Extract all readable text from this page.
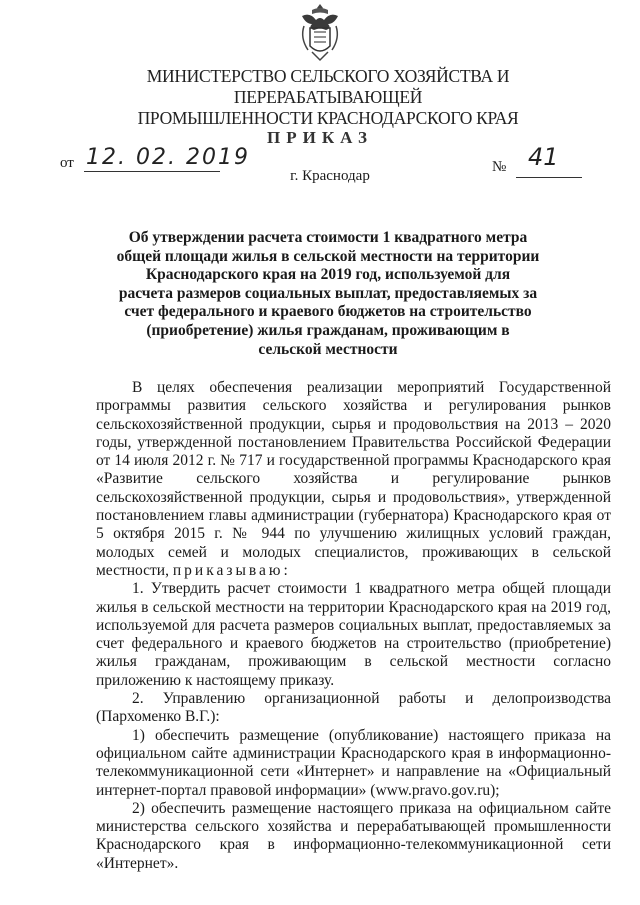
МИНИСТЕРСТВО СЕЛЬСКОГО ХОЗЯЙСТВА И ПЕРЕРАБАТЫВАЮЩЕЙ
ПРОМЫШЛЕННОСТИ КРАСНОДАРСКОГО КРАЯ
ПРИКАЗ
от 12. 02. 2019	№ 41
г. Краснодар
Об утверждении расчета стоимости 1 квадратного метра
общей площади жилья в сельской местности на территории
Краснодарского края на 2019 год, используемой для
расчета размеров социальных выплат, предоставляемых за
счет федерального и краевого бюджетов на строительство
(приобретение) жилья гражданам, проживающим в
сельской местности

В целях обеспечения реализации мероприятий Государственной программы развития сельского хозяйства и регулирования рынков сельскохозяйственной продукции, сырья и продовольствия на 2013 – 2020 годы, утвержденной постановлением Правительства Российской Федерации от 14 июля 2012 г. № 717 и государственной программы Краснодарского края «Развитие сельского хозяйства и регулирование рынков сельскохозяйственной продукции, сырья и продовольствия», утвержденной постановлением главы администрации (губернатора) Краснодарского края от 5 октября 2015 г. № 944 по улучшению жилищных условий граждан, молодых семей и молодых специалистов, проживающих в сельской местности, приказываю:

1. Утвердить расчет стоимости 1 квадратного метра общей площади жилья в сельской местности на территории Краснодарского края на 2019 год, используемой для расчета размеров социальных выплат, предоставляемых за счет федерального и краевого бюджетов на строительство (приобретение) жилья гражданам, проживающим в сельской местности согласно приложению к настоящему приказу.

2. Управлению организационной работы и делопроизводства (Пархоменко В.Г.):

1) обеспечить размещение (опубликование) настоящего приказа на официальном сайте администрации Краснодарского края в информационно-телекоммуникационной сети «Интернет» и направление на «Официальный интернет-портал правовой информации» (www.pravo.gov.ru);

2) обеспечить размещение настоящего приказа на официальном сайте министерства сельского хозяйства и перерабатывающей промышленности Краснодарского края в информационно-телекоммуникационной сети «Интернет».
